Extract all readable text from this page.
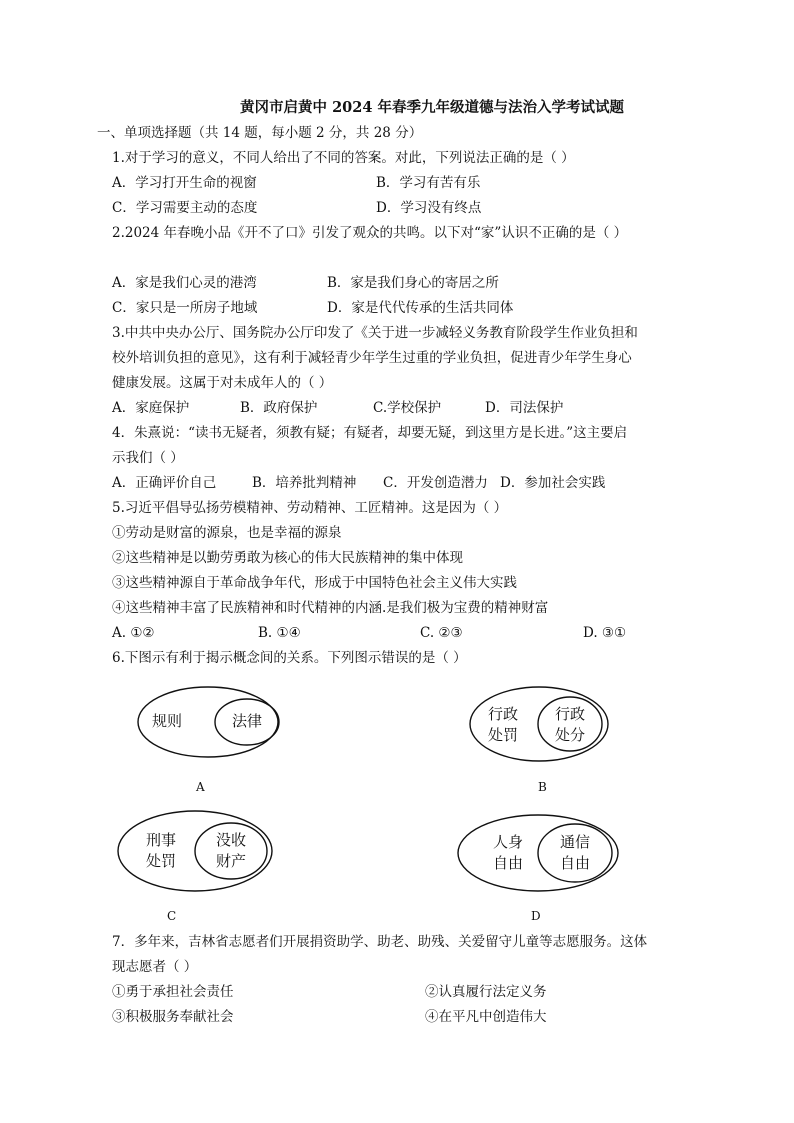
黄冈市启黄中 2024 年春季九年级道德与法治入学考试试题
一、单项选择题（共 14 题，每小题 2 分，共 28 分）
1.对于学习的意义，不同人给出了不同的答案。对此，下列说法正确的是（ ）
A．学习打开生命的视窗	B．学习有苦有乐
C．学习需要主动的态度	D．学习没有终点
2.2024 年春晚小品《开不了口》引发了观众的共鸣。以下对“家”认识不正确的是（ ）
A．家是我们心灵的港湾	B．家是我们身心的寄居之所
C．家只是一所房子地域	D．家是代代传承的生活共同体
3.中共中央办公厅、国务院办公厅印发了《关于进一步减轻义务教育阶段学生作业负担和
校外培训负担的意见》，这有利于减轻青少年学生过重的学业负担，促进青少年学生身心
健康发展。这属于对未成年人的（ ）
A．家庭保护	B．政府保护	C.学校保护	D．司法保护
4．朱熹说：“读书无疑者，须教有疑；有疑者，却要无疑，到这里方是长进。”这主要启
示我们（ ）
A．正确评价自己	B．培养批判精神 C．开发创造潜力 D．参加社会实践
5.习近平倡导弘扬劳模精神、劳动精神、工匠精神。这是因为（ ）
①劳动是财富的源泉，也是幸福的源泉
②这些精神是以勤劳勇敢为核心的伟大民族精神的集中体现
③这些精神源自于革命战争年代，形成于中国特色社会主义伟大实践
④这些精神丰富了民族精神和时代精神的内涵.是我们极为宝费的精神财富
A. ①②	B. ①④	C. ②③	D. ③①
6.下图示有利于揭示概念间的关系。下列图示错误的是（ ）
规则	法律
A
行政
处罚
行政
处分
B
刑事
处罚
没收
财产
C
人身
自由
通信
自由
D
7．多年来，吉林省志愿者们开展捐资助学、助老、助残、关爱留守儿童等志愿服务。这体
现志愿者（ ）
①勇于承担社会责任	②认真履行法定义务
③积极服务奉献社会	④在平凡中创造伟大
